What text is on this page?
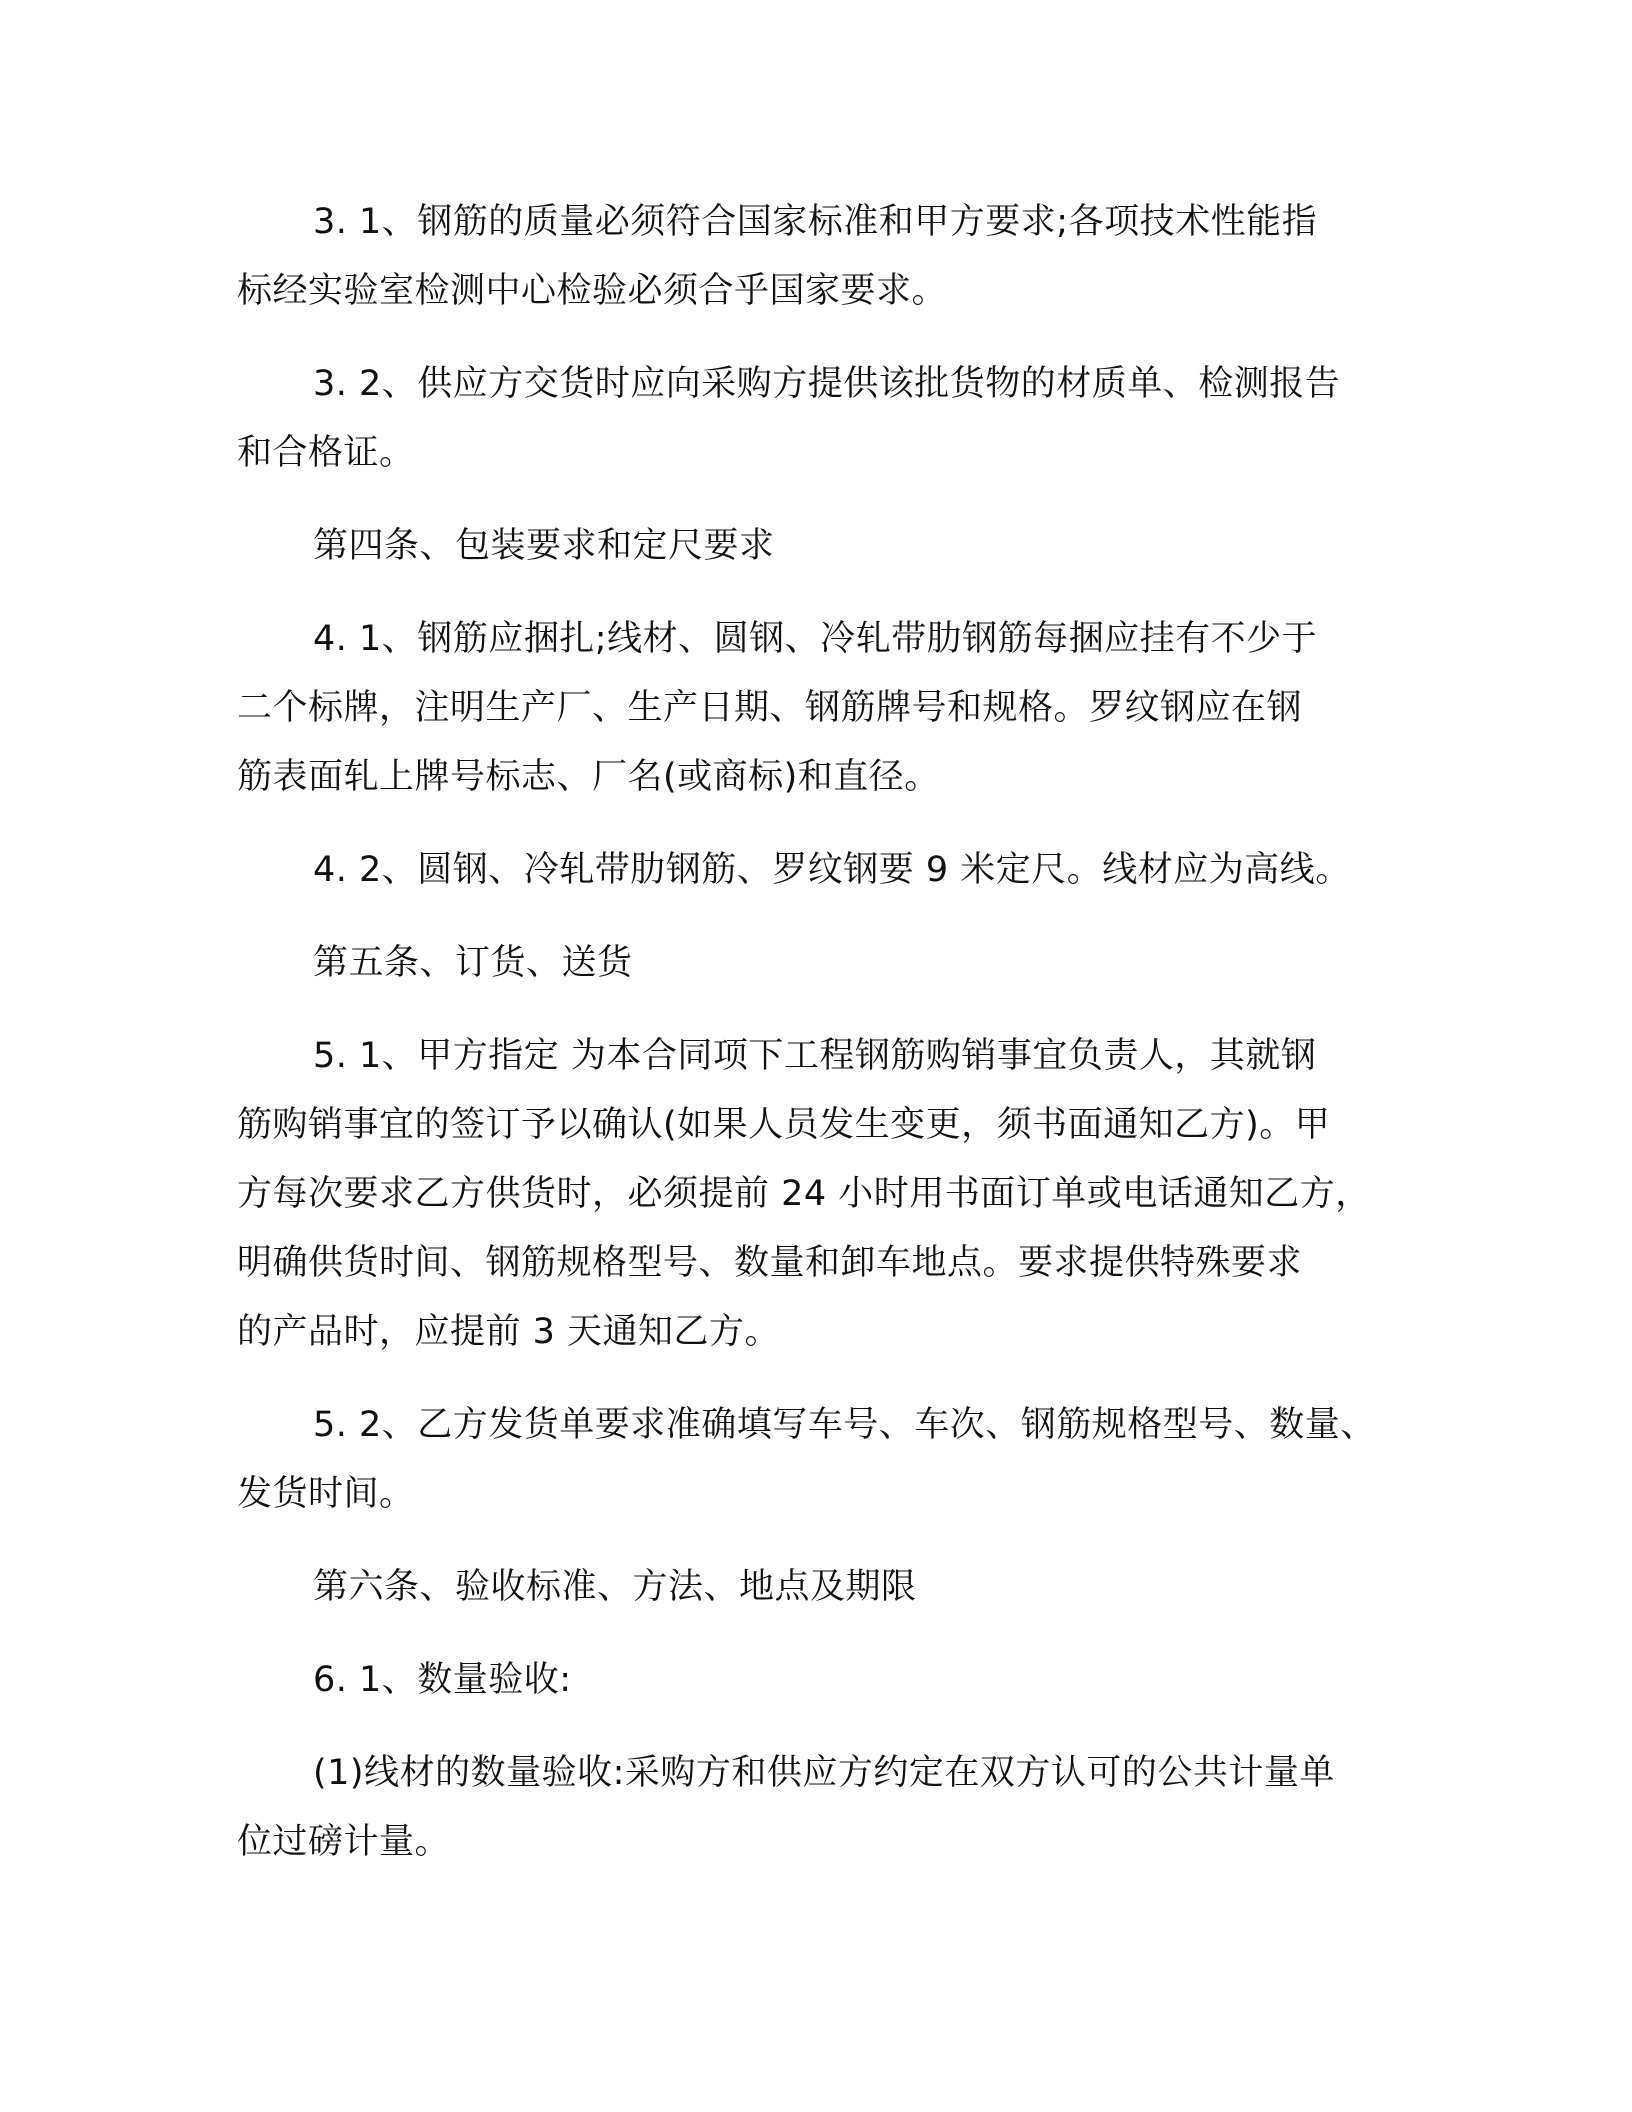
3. 1、钢筋的质量必须符合国家标准和甲方要求;各项技术性能指
标经实验室检测中心检验必须合乎国家要求。

3. 2、供应方交货时应向采购方提供该批货物的材质单、检测报告
和合格证。

第四条、包装要求和定尺要求

4. 1、钢筋应捆扎;线材、圆钢、冷轧带肋钢筋每捆应挂有不少于
二个标牌，注明生产厂、生产日期、钢筋牌号和规格。罗纹钢应在钢
筋表面轧上牌号标志、厂名(或商标)和直径。

4. 2、圆钢、冷轧带肋钢筋、罗纹钢要 9 米定尺。线材应为高线。

第五条、订货、送货

5. 1、甲方指定 为本合同项下工程钢筋购销事宜负责人，其就钢
筋购销事宜的签订予以确认(如果人员发生变更，须书面通知乙方)。甲
方每次要求乙方供货时，必须提前 24 小时用书面订单或电话通知乙方，
明确供货时间、钢筋规格型号、数量和卸车地点。要求提供特殊要求
的产品时，应提前 3 天通知乙方。

5. 2、乙方发货单要求准确填写车号、车次、钢筋规格型号、数量、
发货时间。

第六条、验收标准、方法、地点及期限

6. 1、数量验收:

(1)线材的数量验收:采购方和供应方约定在双方认可的公共计量单
位过磅计量。
